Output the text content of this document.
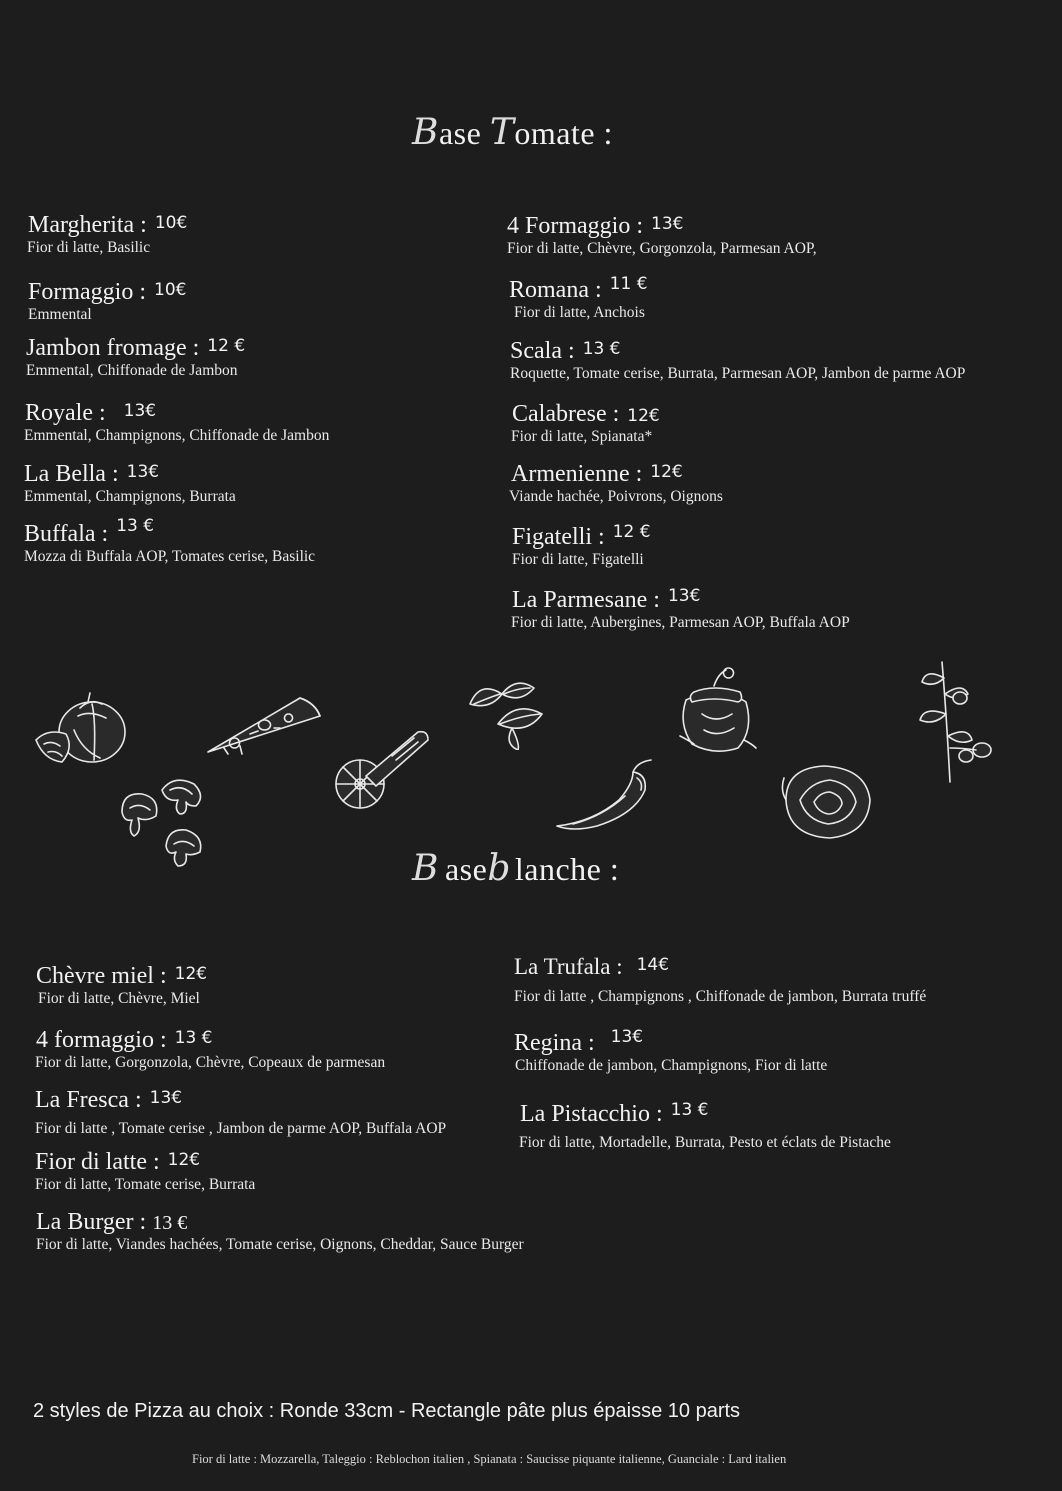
Base Tomate :
Margherita : 10€
Fior di latte, Basilic
Formaggio : 10€
Emmental
Jambon fromage : 12 €
Emmental, Chiffonade de Jambon
Royale : 13€
Emmental, Champignons, Chiffonade de Jambon
La Bella : 13€
Emmental, Champignons, Burrata
Buffala : 13 €
Mozza di Buffala AOP, Tomates cerise, Basilic
4 Formaggio : 13€
Fior di latte, Chèvre, Gorgonzola, Parmesan AOP,
Romana : 11 €
Fior di latte, Anchois
Scala : 13 €
Roquette, Tomate cerise, Burrata, Parmesan AOP, Jambon de parme AOP
Calabrese : 12€
Fior di latte, Spianata*
Armenienne : 12€
Viande hachée, Poivrons, Oignons
Figatelli : 12 €
Fior di latte, Figatelli
La Parmesane : 13€
Fior di latte, Aubergines, Parmesan AOP, Buffala AOP
B aseb lanche :
Chèvre miel : 12€
Fior di latte, Chèvre, Miel
4 formaggio : 13 €
Fior di latte, Gorgonzola, Chèvre, Copeaux de parmesan
La Fresca : 13€
Fior di latte , Tomate cerise , Jambon de parme AOP, Buffala AOP
Fior di latte : 12€
Fior di latte, Tomate cerise, Burrata
La Burger : 13 €
Fior di latte, Viandes hachées, Tomate cerise, Oignons, Cheddar, Sauce Burger
La Trufala : 14€
Fior di latte , Champignons , Chiffonade de jambon, Burrata truffé
Regina : 13€
Chiffonade de jambon, Champignons, Fior di latte
La Pistacchio : 13 €
Fior di latte, Mortadelle, Burrata, Pesto et éclats de Pistache
2 styles de Pizza au choix : Ronde 33cm - Rectangle pâte plus épaisse 10 parts
Fior di latte : Mozzarella, Taleggio : Reblochon italien , Spianata : Saucisse piquante italienne, Guanciale : Lard italien
